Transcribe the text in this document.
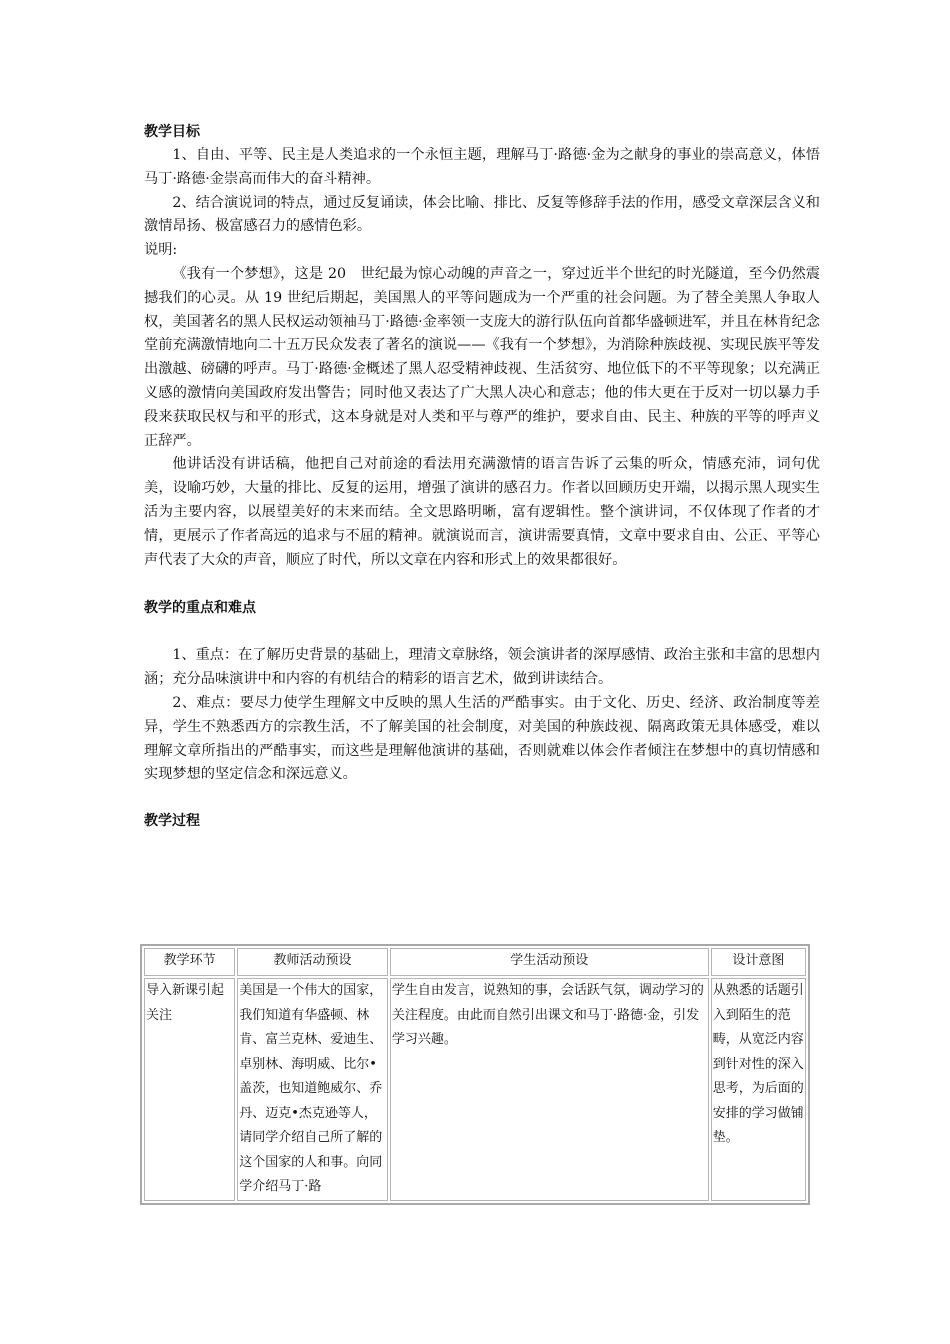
教学目标

1、自由、平等、民主是人类追求的一个永恒主题，理解马丁·路德·金为之献身的事业的崇高意义，体悟马丁·路德·金崇高而伟大的奋斗精神。

2、结合演说词的特点，通过反复诵读，体会比喻、排比、反复等修辞手法的作用，感受文章深层含义和激情昂扬、极富感召力的感情色彩。

说明:

《我有一个梦想》，这是 20　世纪最为惊心动魄的声音之一，穿过近半个世纪的时光隧道，至今仍然震撼我们的心灵。从 19 世纪后期起，美国黑人的平等问题成为一个严重的社会问题。为了替全美黑人争取人权，美国著名的黑人民权运动领袖马丁·路德·金率领一支庞大的游行队伍向首都华盛顿进军，并且在林肯纪念堂前充满激情地向二十五万民众发表了著名的演说——《我有一个梦想》，为消除种族歧视、实现民族平等发出激越、磅礴的呼声。马丁·路德·金概述了黑人忍受精神歧视、生活贫穷、地位低下的不平等现象；以充满正义感的激情向美国政府发出警告；同时他又表达了广大黑人决心和意志；他的伟大更在于反对一切以暴力手段来获取民权与和平的形式，这本身就是对人类和平与尊严的维护，要求自由、民主、种族的平等的呼声义正辞严。

他讲话没有讲话稿，他把自己对前途的看法用充满激情的语言告诉了云集的听众，情感充沛，词句优美，设喻巧妙，大量的排比、反复的运用，增强了演讲的感召力。作者以回顾历史开端，以揭示黑人现实生活为主要内容，以展望美好的末来而结。全文思路明晰，富有逻辑性。整个演讲词，不仅体现了作者的才情，更展示了作者高远的追求与不屈的精神。就演说而言，演讲需要真情，文章中要求自由、公正、平等心声代表了大众的声音，顺应了时代，所以文章在内容和形式上的效果都很好。

教学的重点和难点

1、重点：在了解历史背景的基础上，理清文章脉络，领会演讲者的深厚感情、政治主张和丰富的思想内涵；充分品味演讲中和内容的有机结合的精彩的语言艺术，做到讲读结合。

2、难点：要尽力使学生理解文中反映的黑人生活的严酷事实。由于文化、历史、经济、政治制度等差异，学生不熟悉西方的宗教生活，不了解美国的社会制度，对美国的种族歧视、隔离政策无具体感受，难以理解文章所指出的严酷事实，而这些是理解他演讲的基础，否则就难以体会作者倾注在梦想中的真切情感和实现梦想的坚定信念和深远意义。

教学过程
教学环节	教师活动预设	学生活动预设	设计意图
导入新课引起关注	美国是一个伟大的国家，我们知道有华盛顿、林肯、富兰克林、爱迪生、卓别林、海明威、比尔•盖茨，也知道鲍威尔、乔丹、迈克•杰克逊等人，请同学介绍自己所了解的这个国家的人和事。向同学介绍马丁·路	学生自由发言，说熟知的事，会话跃气氛，调动学习的关注程度。由此而自然引出课文和马丁·路德·金，引发学习兴趣。	从熟悉的话题引入到陌生的范畴，从宽泛内容到针对性的深入思考，为后面的安排的学习做铺垫。
